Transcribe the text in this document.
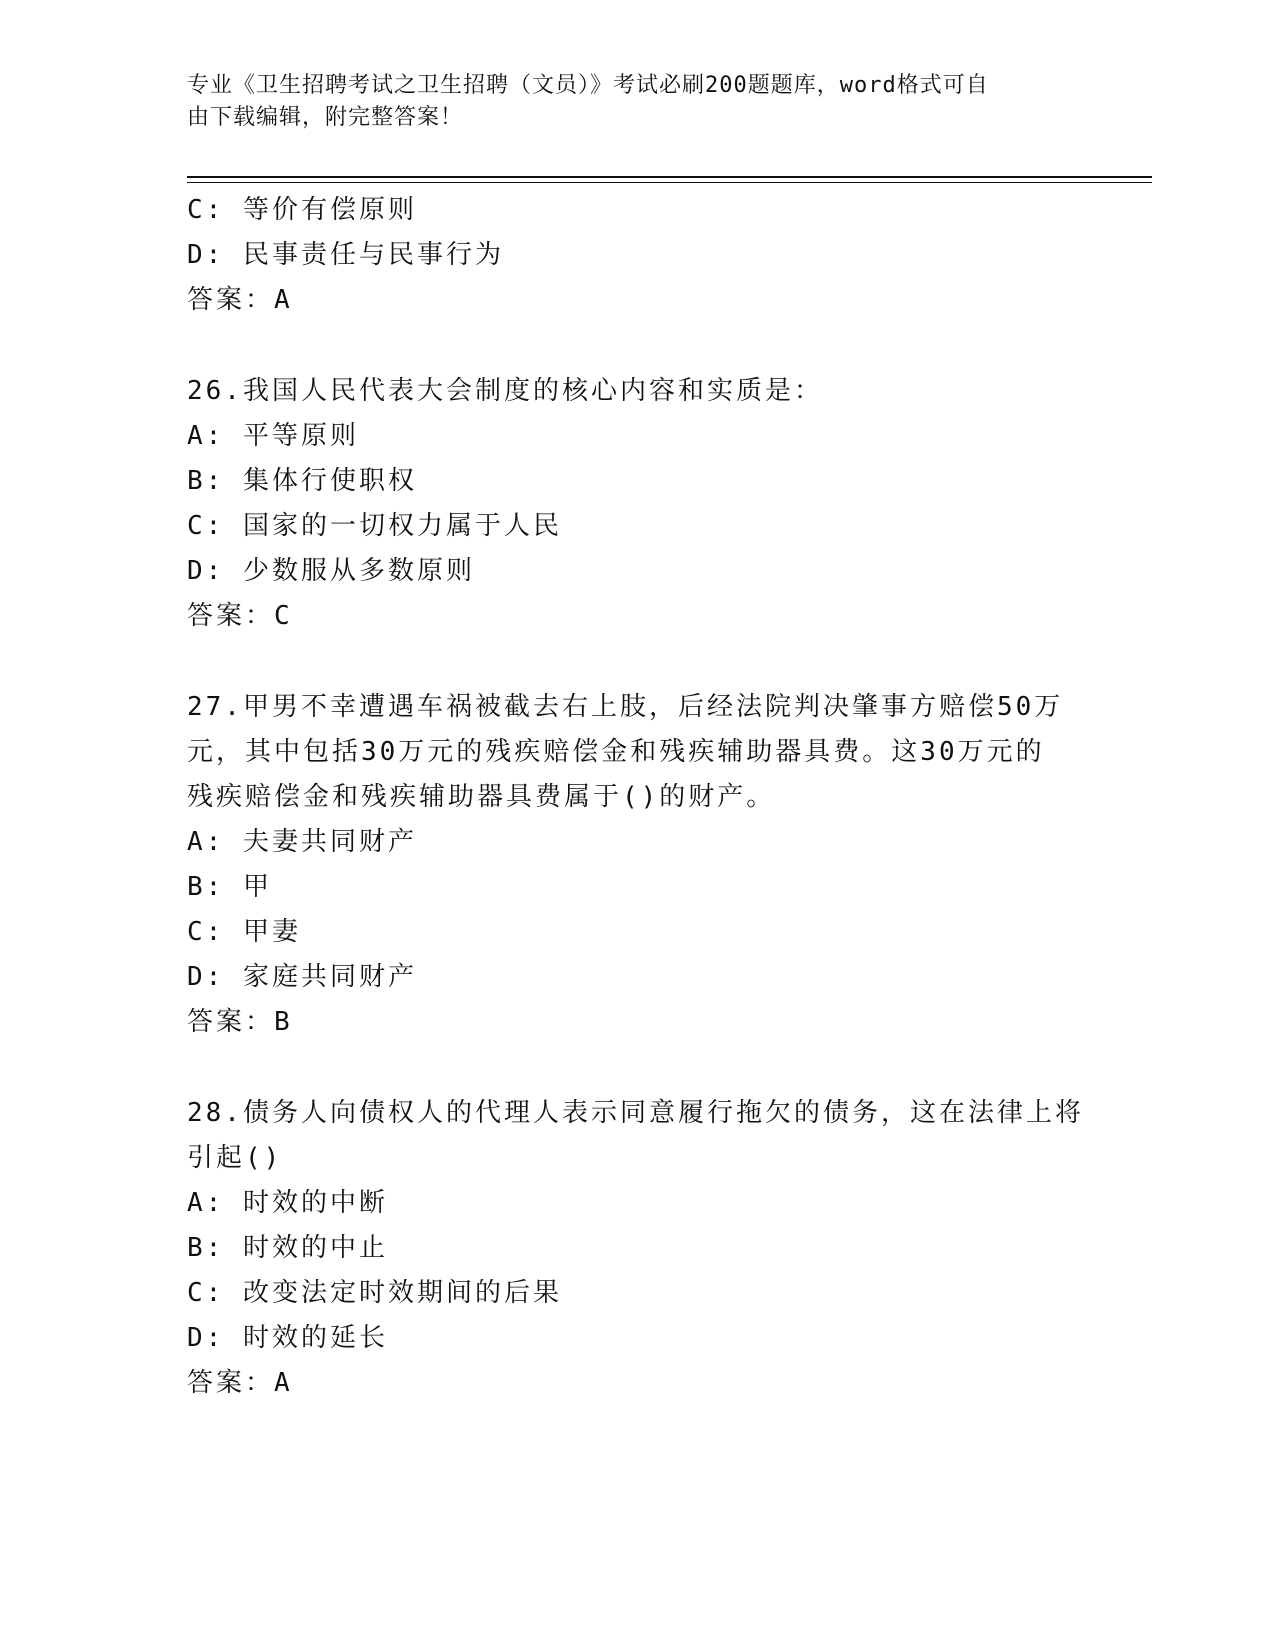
专业《卫生招聘考试之卫生招聘（文员）》考试必刷200题题库，word格式可自
由下载编辑，附完整答案！
C: 等价有偿原则
D: 民事责任与民事行为
答案：A
26.我国人民代表大会制度的核心内容和实质是：
A: 平等原则
B: 集体行使职权
C: 国家的一切权力属于人民
D: 少数服从多数原则
答案：C
27.甲男不幸遭遇车祸被截去右上肢，后经法院判决肇事方赔偿50万
元，其中包括30万元的残疾赔偿金和残疾辅助器具费。这30万元的
残疾赔偿金和残疾辅助器具费属于()的财产。
A: 夫妻共同财产
B: 甲
C: 甲妻
D: 家庭共同财产
答案：B
28.债务人向债权人的代理人表示同意履行拖欠的债务，这在法律上将
引起()
A: 时效的中断
B: 时效的中止
C: 改变法定时效期间的后果
D: 时效的延长
答案：A
